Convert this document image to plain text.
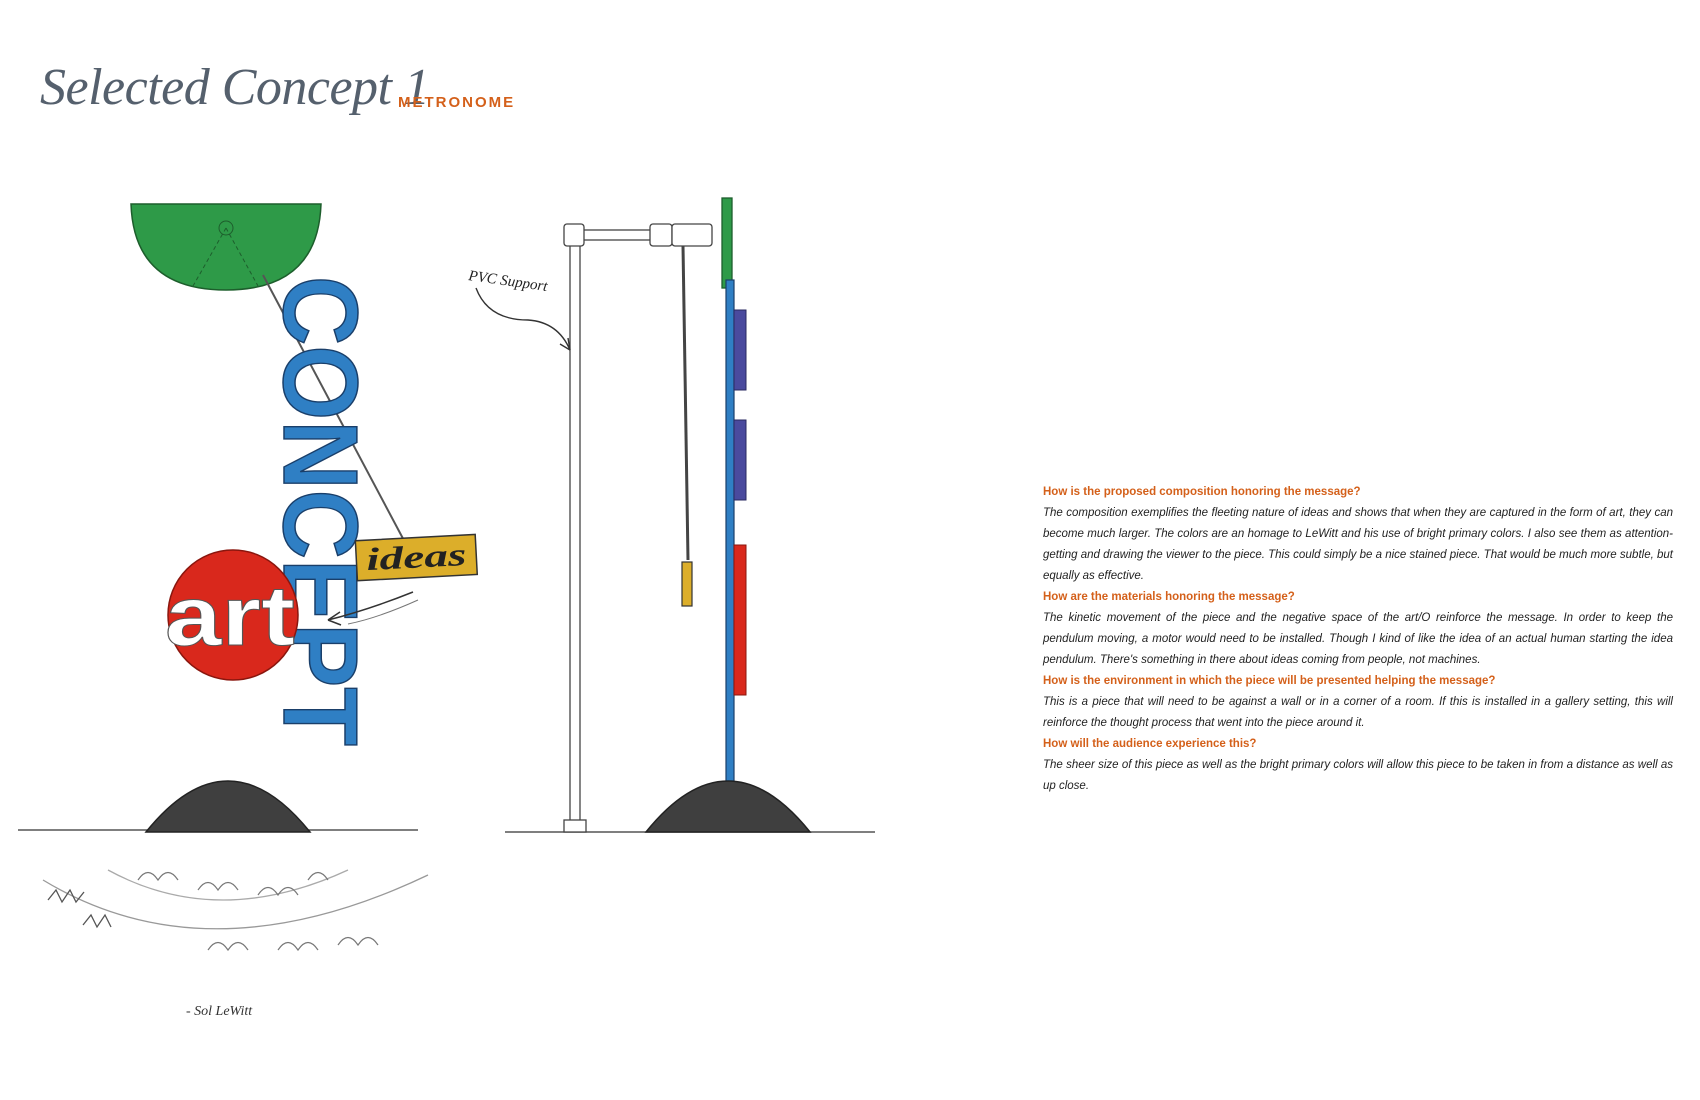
Selected Concept 1
METRONOME
CONCEPT
art
ideas
- Sol LeWitt
PVC Support
How is the proposed composition honoring the message?
The composition exemplifies the fleeting nature of ideas and shows that when they are captured in the form of art, they can become much larger. The colors are an homage to LeWitt and his use of bright primary colors. I also see them as attention-getting and drawing the viewer to the piece. This could simply be a nice stained piece. That would be much more subtle, but equally as effective.
How are the materials honoring the message?
The kinetic movement of the piece and the negative space of the art/O reinforce the message. In order to keep the pendulum moving, a motor would need to be installed. Though I kind of like the idea of an actual human starting the idea pendulum. There's something in there about ideas coming from people, not machines.
How is the environment in which the piece will be presented helping the message?
This is a piece that will need to be against a wall or in a corner of a room. If this is installed in a gallery setting, this will reinforce the thought process that went into the piece around it.
How will the audience experience this?
The sheer size of this piece as well as the bright primary colors will allow this piece to be taken in from a distance as well as up close.
